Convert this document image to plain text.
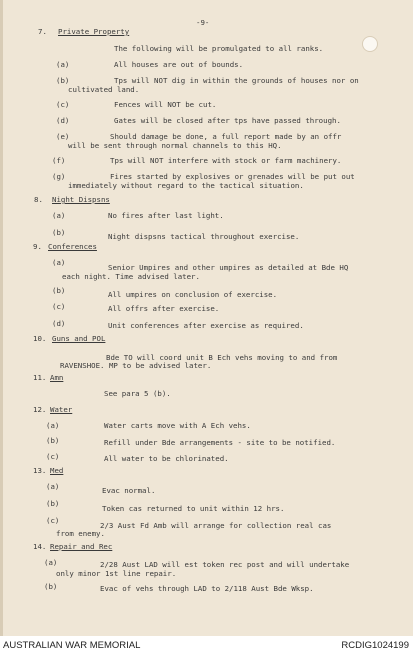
-9-
7. Private Property
The following will be promulgated to all ranks.
(a)	All houses are out of bounds.
(b)	Tps will NOT dig in within the grounds of houses nor on
cultivated land.
(c)	Fences will NOT be cut.
(d)	Gates will be closed after tps have passed through.
(e)	Should damage be done, a full report made by an offr
will be sent through normal channels to this HQ.
(f)	Tps will NOT interfere with stock or farm machinery.
(g)	Fires started by explosives or grenades will be put out
immediately without regard to the tactical situation.
8. Night Dispsns
(a)	No fires after last light.
(b)	Night dispsns tactical throughout exercise.
9. Conferences
(a)
Senior Umpires and other umpires as detailed at Bde HQ
each night. Time advised later.
(b)	All umpires on conclusion of exercise.
(c)	All offrs after exercise.
(d)	Unit conferences after exercise as required.
10. Guns and POL
Bde TO will coord unit B Ech vehs moving to and from
RAVENSHOE. MP to be advised later.
11. Amn
See para 5 (b).
12. Water
(a)	Water carts move with A Ech vehs.
(b)	Refill under Bde arrangements - site to be notified.
(c)	All water to be chlorinated.
13. Med
(a)	Evac normal.
(b)
Token cas returned to unit within 12 hrs.
(c)
2/3 Aust Fd Amb will arrange for collection real cas
from enemy.
14. Repair and Rec
(a)	2/28 Aust LAD will est token rec post and will undertake
only minor 1st line repair.
(b)	Evac of vehs through LAD to 2/118 Aust Bde Wksp.
AUSTRALIAN WAR MEMORIAL	RCDIG1024199
